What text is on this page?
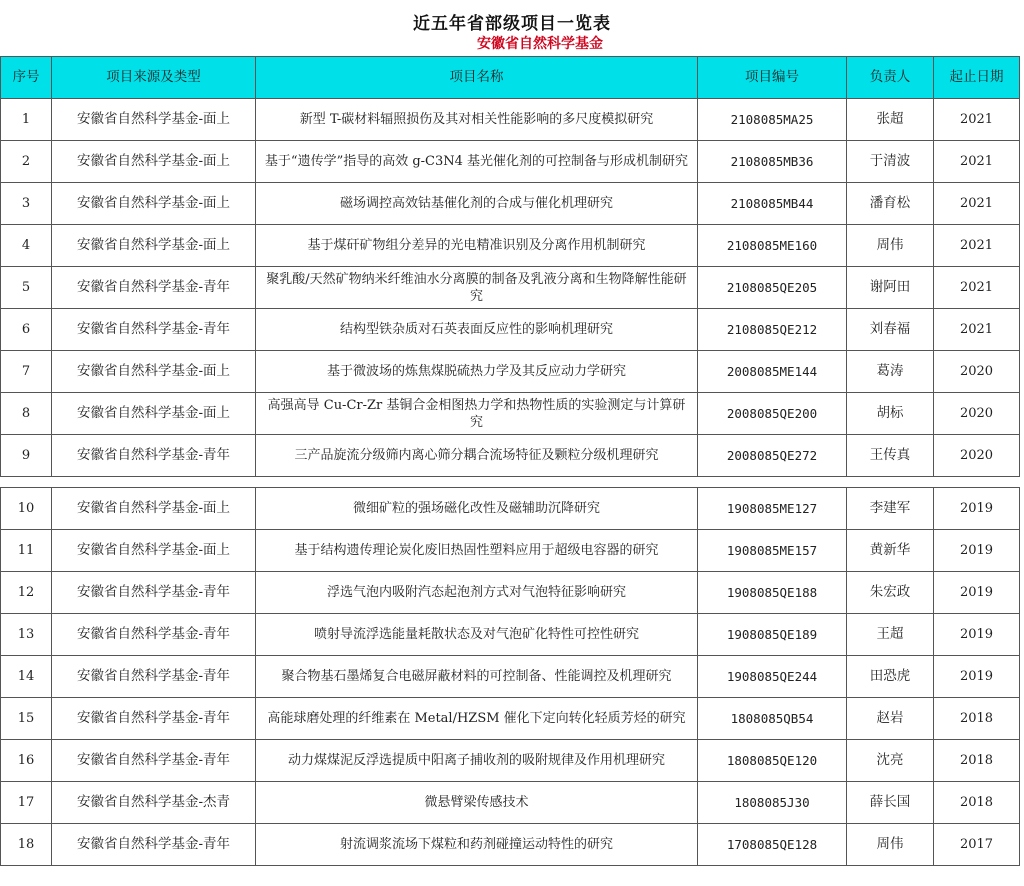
近五年省部级项目一览表
安徽省自然科学基金
序号	项目来源及类型	项目名称	项目编号	负责人	起止日期
1	安徽省自然科学基金-面上	新型 T-碳材料辐照损伤及其对相关性能影响的多尺度模拟研究	2108085MA25	张超	2021
2	安徽省自然科学基金-面上	基于“遗传学”指导的高效 g-C3N4 基光催化剂的可控制备与形成机制研究	2108085MB36	于清波	2021
3	安徽省自然科学基金-面上	磁场调控高效钴基催化剂的合成与催化机理研究	2108085MB44	潘育松	2021
4	安徽省自然科学基金-面上	基于煤矸矿物组分差异的光电精准识别及分离作用机制研究	2108085ME160	周伟	2021
5	安徽省自然科学基金-青年	聚乳酸/天然矿物纳米纤维油水分离膜的制备及乳液分离和生物降解性能研究	2108085QE205	谢阿田	2021
6	安徽省自然科学基金-青年	结构型铁杂质对石英表面反应性的影响机理研究	2108085QE212	刘春福	2021
7	安徽省自然科学基金-面上	基于微波场的炼焦煤脱硫热力学及其反应动力学研究	2008085ME144	葛涛	2020
8	安徽省自然科学基金-面上	高强高导 Cu-Cr-Zr 基铜合金相图热力学和热物性质的实验测定与计算研究	2008085QE200	胡标	2020
9	安徽省自然科学基金-青年	三产品旋流分级筛内离心筛分耦合流场特征及颗粒分级机理研究	2008085QE272	王传真	2020
10	安徽省自然科学基金-面上	微细矿粒的强场磁化改性及磁辅助沉降研究	1908085ME127	李建军	2019
11	安徽省自然科学基金-面上	基于结构遗传理论炭化废旧热固性塑料应用于超级电容器的研究	1908085ME157	黄新华	2019
12	安徽省自然科学基金-青年	浮选气泡内吸附汽态起泡剂方式对气泡特征影响研究	1908085QE188	朱宏政	2019
13	安徽省自然科学基金-青年	喷射导流浮选能量耗散状态及对气泡矿化特性可控性研究	1908085QE189	王超	2019
14	安徽省自然科学基金-青年	聚合物基石墨烯复合电磁屏蔽材料的可控制备、性能调控及机理研究	1908085QE244	田恐虎	2019
15	安徽省自然科学基金-青年	高能球磨处理的纤维素在 Metal/HZSM 催化下定向转化轻质芳烃的研究	1808085QB54	赵岩	2018
16	安徽省自然科学基金-青年	动力煤煤泥反浮选提质中阳离子捕收剂的吸附规律及作用机理研究	1808085QE120	沈亮	2018
17	安徽省自然科学基金-杰青	微悬臂梁传感技术	1808085J30	薛长国	2018
18	安徽省自然科学基金-青年	射流调浆流场下煤粒和药剂碰撞运动特性的研究	1708085QE128	周伟	2017
